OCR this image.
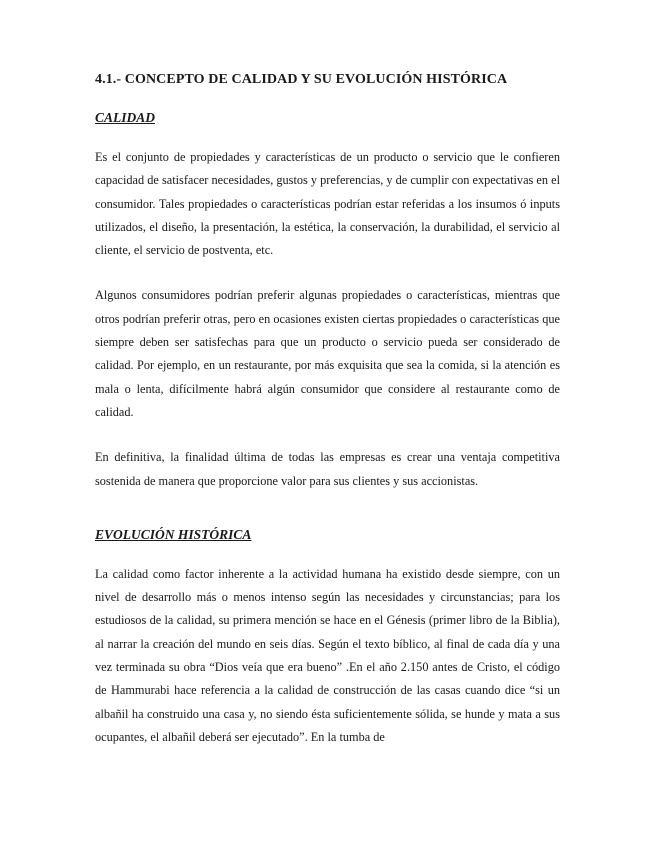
4.1.- CONCEPTO DE CALIDAD Y SU EVOLUCIÓN HISTÓRICA
CALIDAD

Es el conjunto de propiedades y características de un producto o servicio que le confieren capacidad de satisfacer necesidades, gustos y preferencias, y de cumplir con expectativas en el consumidor. Tales propiedades o características podrían estar referidas a los insumos ó inputs utilizados, el diseño, la presentación, la estética, la conservación, la durabilidad, el servicio al cliente, el servicio de postventa, etc.

Algunos consumidores podrían preferir algunas propiedades o características, mientras que otros podrían preferir otras, pero en ocasiones existen ciertas propiedades o características que siempre deben ser satisfechas para que un producto o servicio pueda ser considerado de calidad. Por ejemplo, en un restaurante, por más exquisita que sea la comida, si la atención es mala o lenta, difícilmente habrá algún consumidor que considere al restaurante como de calidad.

En definitiva, la finalidad última de todas las empresas es crear una ventaja competitiva sostenida de manera que proporcione valor para sus clientes y sus accionistas.

EVOLUCIÓN HISTÓRICA

La calidad como factor inherente a la actividad humana ha existido desde siempre, con un nivel de desarrollo más o menos intenso según las necesidades y circunstancias; para los estudiosos de la calidad, su primera mención se hace en el Génesis (primer libro de la Biblia), al narrar la creación del mundo en seis días. Según el texto bíblico, al final de cada día y una vez terminada su obra “Dios veía que era bueno” .En el año 2.150 antes de Cristo, el código de Hammurabi hace referencia a la calidad de construcción de las casas cuando dice “si un albañil ha construido una casa y, no siendo ésta suficientemente sólida, se hunde y mata a sus ocupantes, el albañil deberá ser ejecutado”. En la tumba de
